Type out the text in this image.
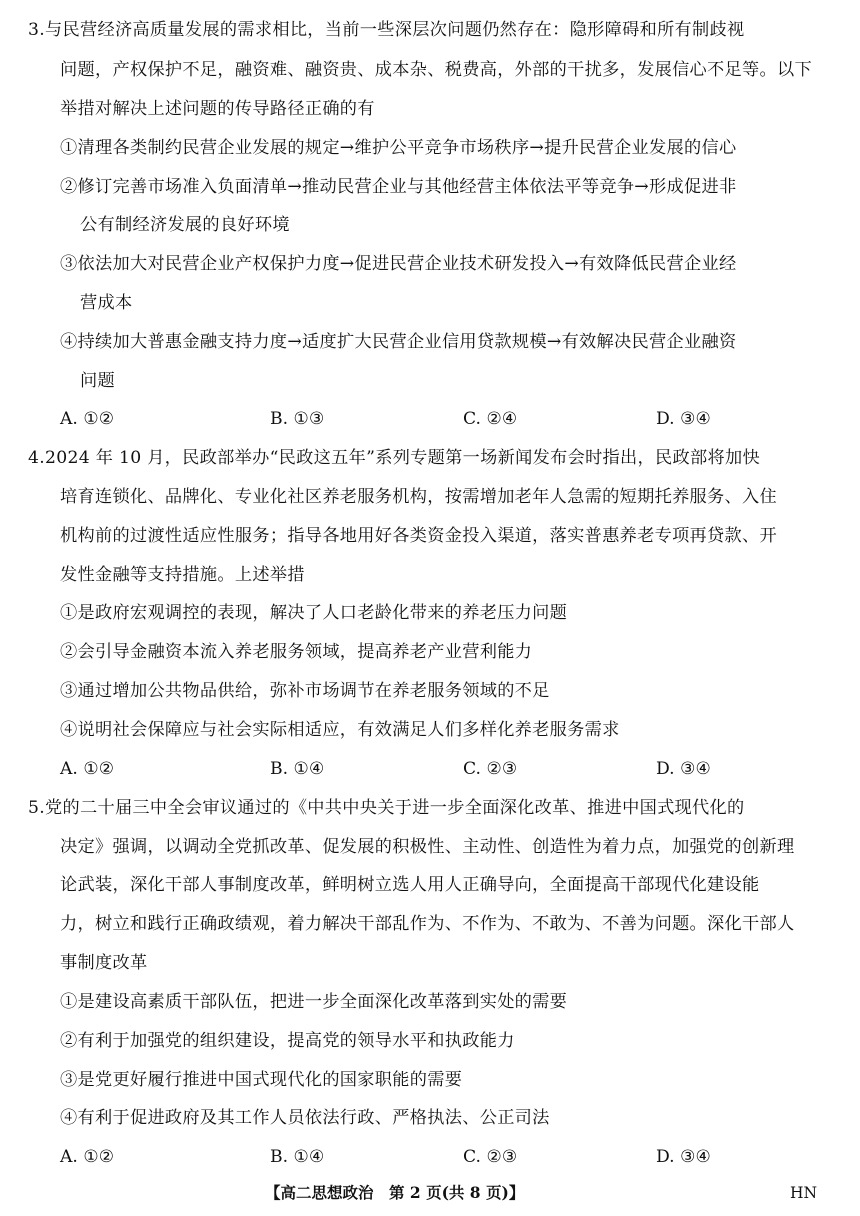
3.与民营经济高质量发展的需求相比，当前一些深层次问题仍然存在：隐形障碍和所有制歧视
问题，产权保护不足，融资难、融资贵、成本杂、税费高，外部的干扰多，发展信心不足等。以下
举措对解决上述问题的传导路径正确的有
①清理各类制约民营企业发展的规定→维护公平竞争市场秩序→提升民营企业发展的信心
②修订完善市场准入负面清单→推动民营企业与其他经营主体依法平等竞争→形成促进非
公有制经济发展的良好环境
③依法加大对民营企业产权保护力度→促进民营企业技术研发投入→有效降低民营企业经
营成本
④持续加大普惠金融支持力度→适度扩大民营企业信用贷款规模→有效解决民营企业融资
问题
A. ①②	B. ①③	C. ②④	D. ③④
4.2024 年 10 月，民政部举办“民政这五年”系列专题第一场新闻发布会时指出，民政部将加快
培育连锁化、品牌化、专业化社区养老服务机构，按需增加老年人急需的短期托养服务、入住
机构前的过渡性适应性服务；指导各地用好各类资金投入渠道，落实普惠养老专项再贷款、开
发性金融等支持措施。上述举措
①是政府宏观调控的表现，解决了人口老龄化带来的养老压力问题
②会引导金融资本流入养老服务领域，提高养老产业营利能力
③通过增加公共物品供给，弥补市场调节在养老服务领域的不足
④说明社会保障应与社会实际相适应，有效满足人们多样化养老服务需求
A. ①②	B. ①④	C. ②③	D. ③④
5.党的二十届三中全会审议通过的《中共中央关于进一步全面深化改革、推进中国式现代化的
决定》强调，以调动全党抓改革、促发展的积极性、主动性、创造性为着力点，加强党的创新理
论武装，深化干部人事制度改革，鲜明树立选人用人正确导向，全面提高干部现代化建设能
力，树立和践行正确政绩观，着力解决干部乱作为、不作为、不敢为、不善为问题。深化干部人
事制度改革
①是建设高素质干部队伍，把进一步全面深化改革落到实处的需要
②有利于加强党的组织建设，提高党的领导水平和执政能力
③是党更好履行推进中国式现代化的国家职能的需要
④有利于促进政府及其工作人员依法行政、严格执法、公正司法
A. ①②	B. ①④	C. ②③	D. ③④
【高二思想政治　第 2 页(共 8 页)】	HN
